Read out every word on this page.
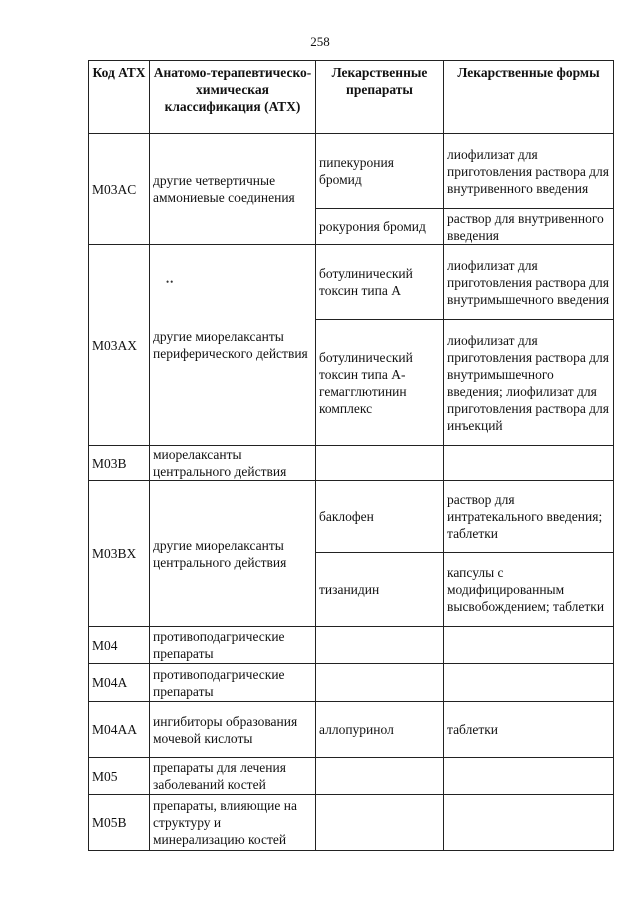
258
••
Код АТХ	Анатомо-терапевтическо-химическая классификация (АТХ)	Лекарственные препараты	Лекарственные формы
M03AC	другие четвертичные аммониевые соединения	пипекурония бромид	лиофилизат для приготовления раствора для внутривенного введения
		рокурония бромид	раствор для внутривенного введения
M03AX	другие миорелаксанты периферического действия	ботулинический токсин типа A	лиофилизат для приготовления раствора для внутримышечного введения
		ботулинический токсин типа A-гемагглютинин комплекс	лиофилизат для приготовления раствора для внутримышечного введения; лиофилизат для приготовления раствора для инъекций
M03B	миорелаксанты центрального действия		
M03BX	другие миорелаксанты центрального действия	баклофен	раствор для интратекального введения; таблетки
		тизанидин	капсулы с модифицированным высвобождением; таблетки
M04	противоподагрические препараты		
M04A	противоподагрические препараты		
M04AA	ингибиторы образования мочевой кислоты	аллопуринол	таблетки
M05	препараты для лечения заболеваний костей		
M05B	препараты, влияющие на структуру и минерализацию костей		
